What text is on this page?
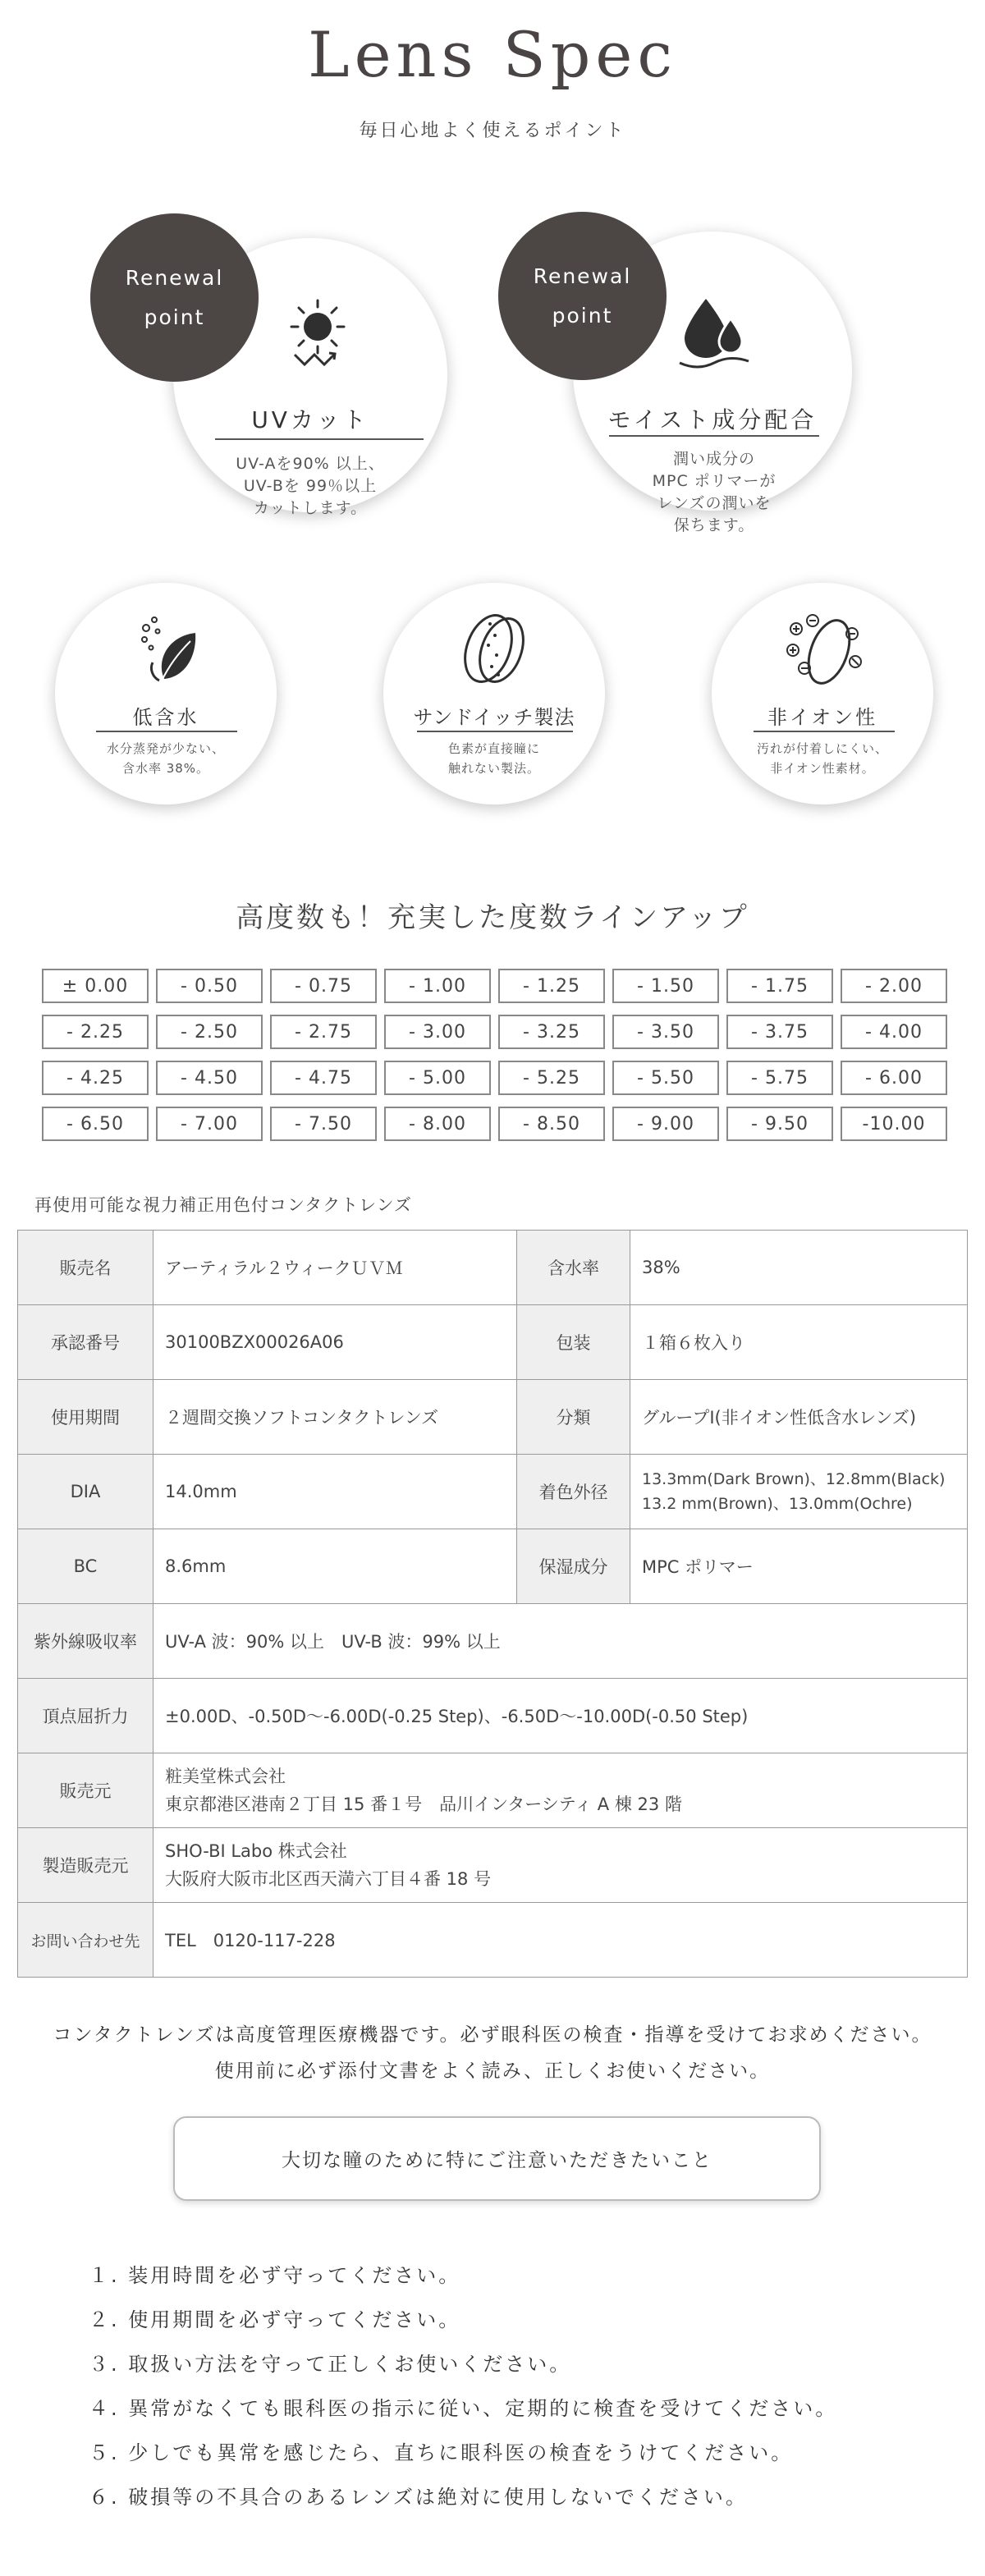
Lens Spec
毎日心地よく使えるポイント
Renewal
point
UVカット
UV-Aを90% 以上、
UV-Bを 99％以上
カットします。
Renewal
point
モイスト成分配合
潤い成分の
MPC ポリマーが
レンズの潤いを
保ちます。
低含水
水分蒸発が少ない、
含水率 38%。
サンドイッチ製法
色素が直接瞳に
触れない製法。
非イオン性
汚れが付着しにくい、
非イオン性素材。
高度数も！充実した度数ラインアップ
± 0.00	- 0.50	- 0.75	- 1.00	- 1.25	- 1.50	- 1.75	- 2.00
- 2.25	- 2.50	- 2.75	- 3.00	- 3.25	- 3.50	- 3.75	- 4.00
- 4.25	- 4.50	- 4.75	- 5.00	- 5.25	- 5.50	- 5.75	- 6.00
- 6.50	- 7.00	- 7.50	- 8.00	- 8.50	- 9.00	- 9.50	-10.00
再使用可能な視力補正用色付コンタクトレンズ
販売名	アーティラル２ウィークＵＶＭ	含水率	38%
承認番号	30100BZX00026A06	包装	１箱６枚入り
使用期間	２週間交換ソフトコンタクトレンズ	分類	グループⅠ(非イオン性低含水レンズ)
DIA	14.0mm	着色外径	13.3mm(Dark Brown)、12.8mm(Black)
13.2 mm(Brown)、13.0mm(Ochre)

BC	8.6mm	保湿成分	MPC ポリマー
紫外線吸収率	UV-A 波：90% 以上　UV-B 波：99% 以上		
頂点屈折力	±0.00D、-0.50D〜-6.00D(-0.25 Step)、-6.50D〜-10.00D(-0.50 Step)		
販売元	粧美堂株式会社
東京都港区港南２丁目 15 番１号　品川インターシティ A 棟 23 階		

製造販売元	SHO-BI Labo 株式会社
大阪府大阪市北区西天満六丁目４番 18 号		

お問い合わせ先	TEL　0120-117-228		
コンタクトレンズは高度管理医療機器です。必ず眼科医の検査・指導を受けてお求めください。
使用前に必ず添付文書をよく読み、正しくお使いください。
大切な瞳のために特にご注意いただきたいこと
１. 装用時間を必ず守ってください。
２. 使用期間を必ず守ってください。
３. 取扱い方法を守って正しくお使いください。
４. 異常がなくても眼科医の指示に従い、定期的に検査を受けてください。
５. 少しでも異常を感じたら、直ちに眼科医の検査をうけてください。
６. 破損等の不具合のあるレンズは絶対に使用しないでください。
